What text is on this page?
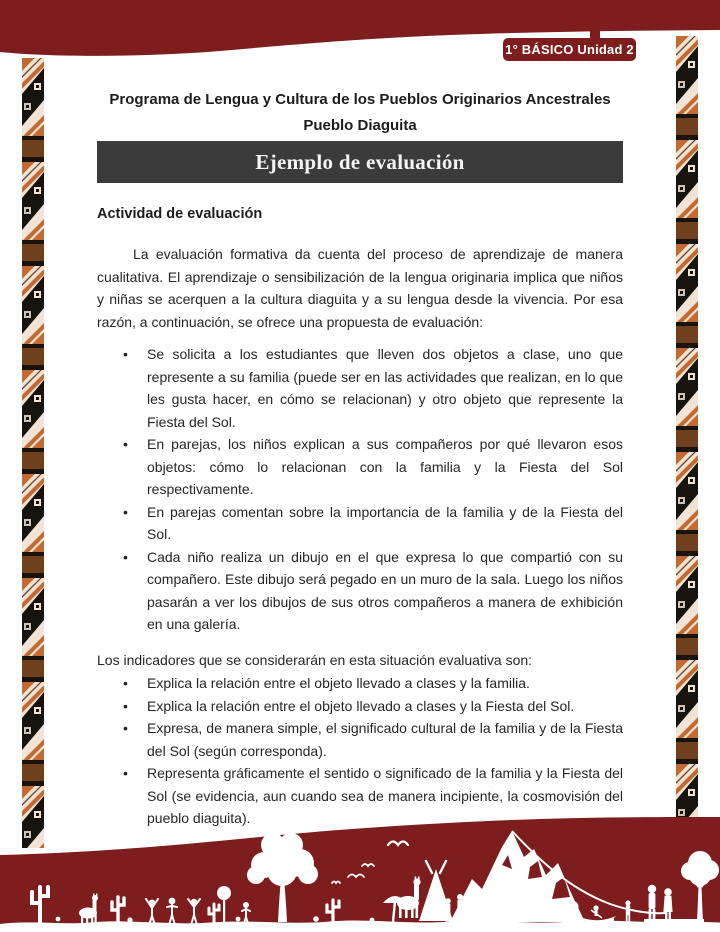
1° BÁSICO Unidad 2
Programa de Lengua y Cultura de los Pueblos Originarios Ancestrales
Pueblo Diaguita
Ejemplo de evaluación
Actividad de evaluación

La evaluación formativa da cuenta del proceso de aprendizaje de manera cualitativa. El aprendizaje o sensibilización de la lengua originaria implica que niños y niñas se acerquen a la cultura diaguita y a su lengua desde la vivencia. Por esa razón, a continuación, se ofrece una propuesta de evaluación:

• Se solicita a los estudiantes que lleven dos objetos a clase, uno que represente a su familia (puede ser en las actividades que realizan, en lo que les gusta hacer, en cómo se relacionan) y otro objeto que represente la Fiesta del Sol.
• En parejas, los niños explican a sus compañeros por qué llevaron esos objetos: cómo lo relacionan con la familia y la Fiesta del Sol respectivamente.
• En parejas comentan sobre la importancia de la familia y de la Fiesta del Sol.
• Cada niño realiza un dibujo en el que expresa lo que compartió con su compañero. Este dibujo será pegado en un muro de la sala. Luego los niños pasarán a ver los dibujos de sus otros compañeros a manera de exhibición en una galería.

Los indicadores que se considerarán en esta situación evaluativa son:

• Explica la relación entre el objeto llevado a clases y la familia.
• Explica la relación entre el objeto llevado a clases y la Fiesta del Sol.
• Expresa, de manera simple, el significado cultural de la familia y de la Fiesta del Sol (según corresponda).
• Representa gráficamente el sentido o significado de la familia y la Fiesta del Sol (se evidencia, aun cuando sea de manera incipiente, la cosmovisión del pueblo diaguita).
